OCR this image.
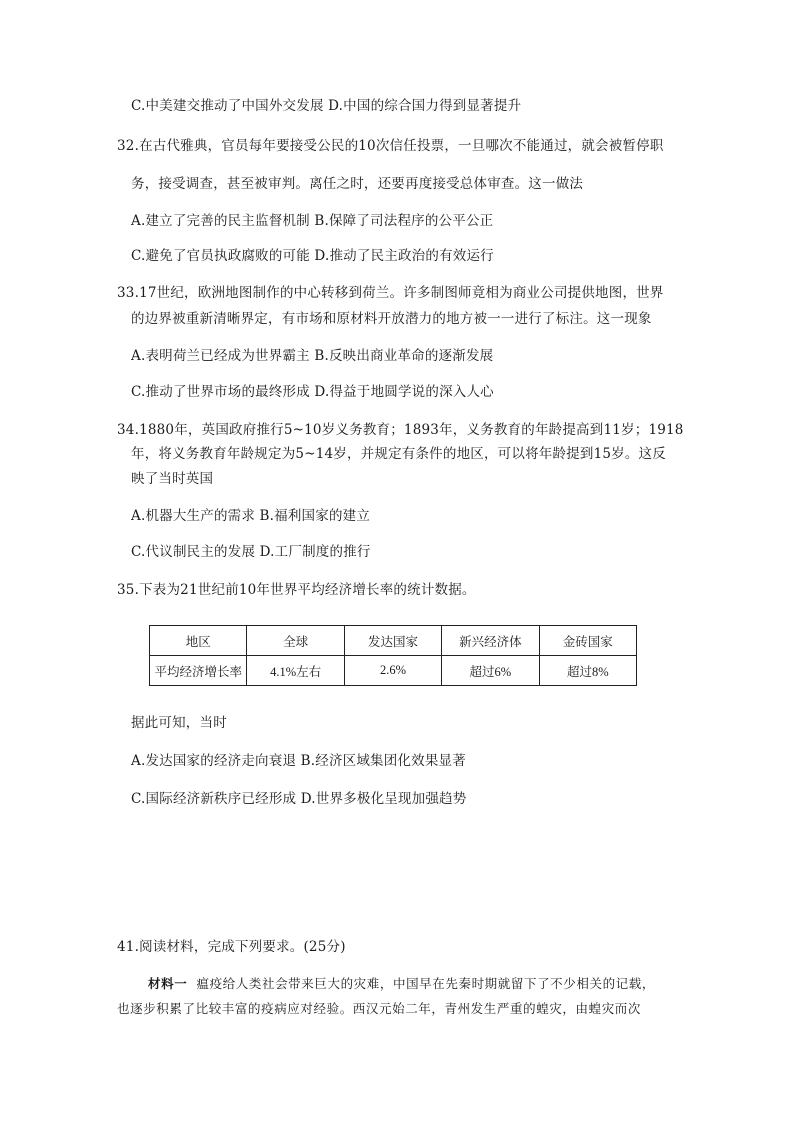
C.中美建交推动了中国外交发展 D.中国的综合国力得到显著提升
32.在古代雅典，官员每年要接受公民的10次信任投票，一旦哪次不能通过，就会被暂停职
务，接受调查，甚至被审判。离任之时，还要再度接受总体审查。这一做法
A.建立了完善的民主监督机制 B.保障了司法程序的公平公正
C.避免了官员执政腐败的可能 D.推动了民主政治的有效运行
33.17世纪，欧洲地图制作的中心转移到荷兰。许多制图师竟相为商业公司提供地图，世界
的边界被重新清晰界定，有市场和原材料开放潜力的地方被一一进行了标注。这一现象
A.表明荷兰已经成为世界霸主 B.反映出商业革命的逐渐发展
C.推动了世界市场的最终形成 D.得益于地圆学说的深入人心
34.1880年，英国政府推行5~10岁义务教育；1893年，义务教育的年龄提高到11岁；1918
年，将义务教育年龄规定为5~14岁，并规定有条件的地区，可以将年龄提到15岁。这反
映了当时英国
A.机器大生产的需求 B.福利国家的建立
C.代议制民主的发展 D.工厂制度的推行
35.下表为21世纪前10年世界平均经济增长率的统计数据。
地区	全球	发达国家	新兴经济体	金砖国家
平均经济增长率	4.1%左右	2.6%	超过6%	超过8%
据此可知，当时
A.发达国家的经济走向衰退 B.经济区域集团化效果显著
C.国际经济新秩序已经形成 D.世界多极化呈现加强趋势
41.阅读材料，完成下列要求。(25分)
材料一 瘟疫给人类社会带来巨大的灾难，中国早在先秦时期就留下了不少相关的记载，
也逐步积累了比较丰富的疫病应对经验。西汉元始二年，青州发生严重的蝗灾，由蝗灾而次
